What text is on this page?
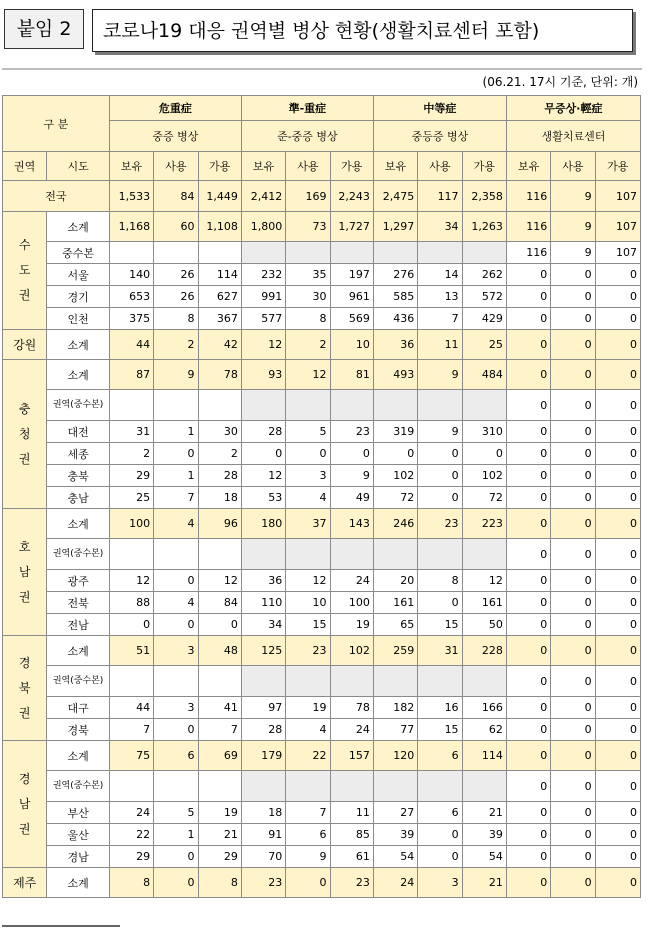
붙임 2	코로나19 대응 권역별 병상 현황(생활치료센터 포함)
(06.21. 17시 기준, 단위: 개)
구 분		危重症			準-重症			中等症			무증상·輕症		
		중증 병상			준-중증 병상			중등증 병상			생활치료센터		
권역	시도	보유	사용	가용	보유	사용	가용	보유	사용	가용	보유	사용	가용
전국		1,533	84	1,449	2,412	169	2,243	2,475	117	2,358	116	9	107
수도권	소계	1,168	60	1,108	1,800	73	1,727	1,297	34	1,263	116	9	107
	중수본										116	9	107
	서울	140	26	114	232	35	197	276	14	262	0	0	0
	경기	653	26	627	991	30	961	585	13	572	0	0	0
	인천	375	8	367	577	8	569	436	7	429	0	0	0
강원	소계	44	2	42	12	2	10	36	11	25	0	0	0
충청권	소계	87	9	78	93	12	81	493	9	484	0	0	0
	권역(중수본)										0	0	0
	대전	31	1	30	28	5	23	319	9	310	0	0	0
	세종	2	0	2	0	0	0	0	0	0	0	0	0
	충북	29	1	28	12	3	9	102	0	102	0	0	0
	충남	25	7	18	53	4	49	72	0	72	0	0	0
호남권	소계	100	4	96	180	37	143	246	23	223	0	0	0
	권역(중수본)										0	0	0
	광주	12	0	12	36	12	24	20	8	12	0	0	0
	전북	88	4	84	110	10	100	161	0	161	0	0	0
	전남	0	0	0	34	15	19	65	15	50	0	0	0
경북권	소계	51	3	48	125	23	102	259	31	228	0	0	0
	권역(중수본)										0	0	0
	대구	44	3	41	97	19	78	182	16	166	0	0	0
	경북	7	0	7	28	4	24	77	15	62	0	0	0
경남권	소계	75	6	69	179	22	157	120	6	114	0	0	0
	권역(중수본)										0	0	0
	부산	24	5	19	18	7	11	27	6	21	0	0	0
	울산	22	1	21	91	6	85	39	0	39	0	0	0
	경남	29	0	29	70	9	61	54	0	54	0	0	0
제주	소계	8	0	8	23	0	23	24	3	21	0	0	0
